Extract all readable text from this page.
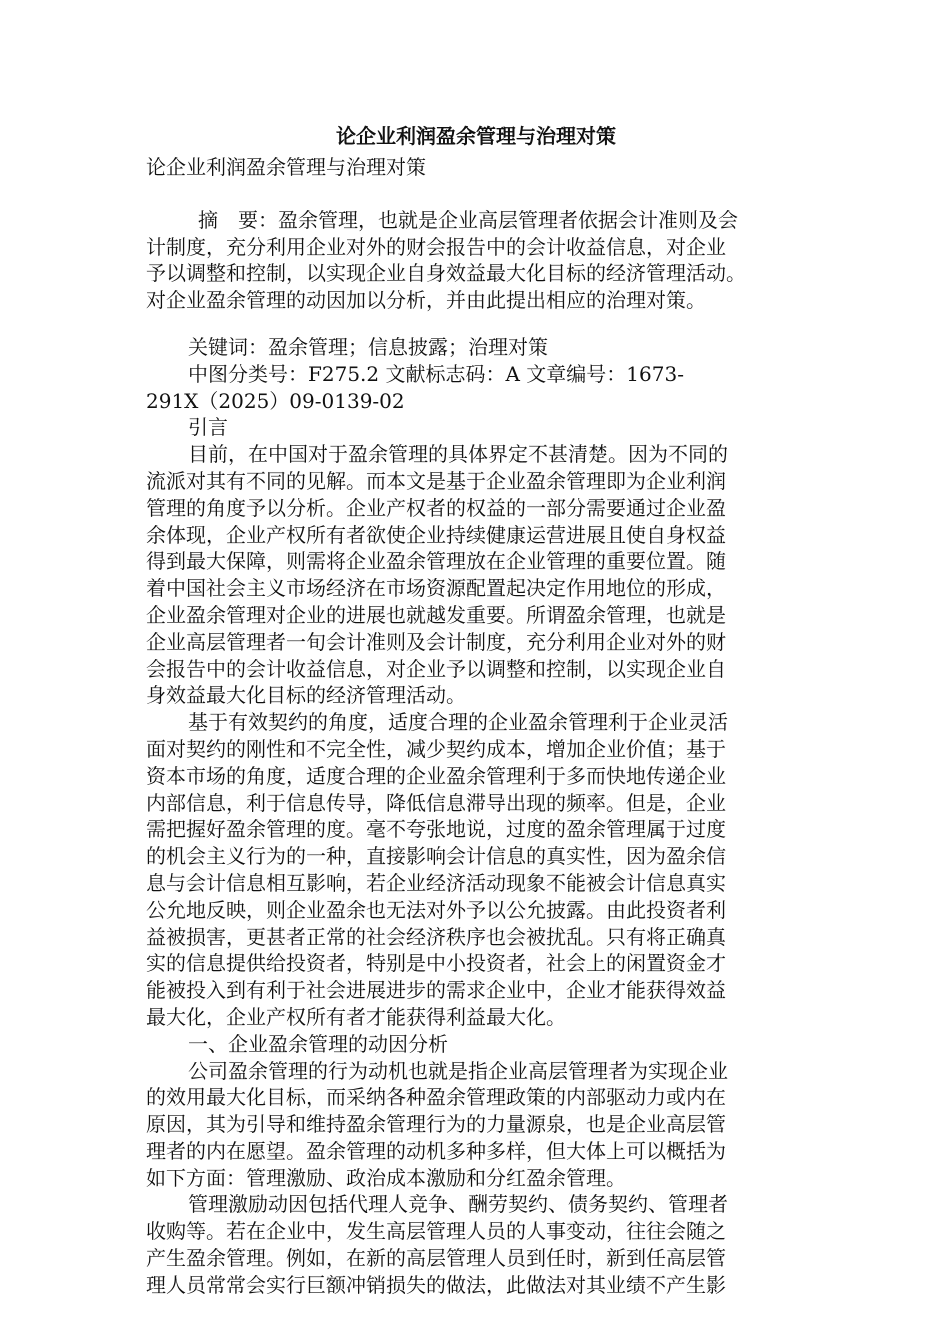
论企业利润盈余管理与治理对策

论企业利润盈余管理与治理对策

摘　要：盈余管理，也就是企业高层管理者依据会计准则及会

计制度，充分利用企业对外的财会报告中的会计收益信息，对企业

予以调整和控制，以实现企业自身效益最大化目标的经济管理活动。

对企业盈余管理的动因加以分析，并由此提出相应的治理对策。

关键词：盈余管理；信息披露；治理对策

中图分类号：F275.2 文献标志码：A 文章编号：1673-

291X（2025）09-0139-02

引言

目前，在中国对于盈余管理的具体界定不甚清楚。因为不同的

流派对其有不同的见解。而本文是基于企业盈余管理即为企业利润

管理的角度予以分析。企业产权者的权益的一部分需要通过企业盈

余体现，企业产权所有者欲使企业持续健康运营进展且使自身权益

得到最大保障，则需将企业盈余管理放在企业管理的重要位置。随

着中国社会主义市场经济在市场资源配置起决定作用地位的形成，

企业盈余管理对企业的进展也就越发重要。所谓盈余管理，也就是

企业高层管理者一旬会计准则及会计制度，充分利用企业对外的财

会报告中的会计收益信息，对企业予以调整和控制，以实现企业自

身效益最大化目标的经济管理活动。

基于有效契约的角度，适度合理的企业盈余管理利于企业灵活

面对契约的刚性和不完全性，减少契约成本，增加企业价值；基于

资本市场的角度，适度合理的企业盈余管理利于多而快地传递企业

内部信息，利于信息传导，降低信息滞导出现的频率。但是，企业

需把握好盈余管理的度。毫不夸张地说，过度的盈余管理属于过度

的机会主义行为的一种，直接影响会计信息的真实性，因为盈余信

息与会计信息相互影响，若企业经济活动现象不能被会计信息真实

公允地反映，则企业盈余也无法对外予以公允披露。由此投资者利

益被损害，更甚者正常的社会经济秩序也会被扰乱。只有将正确真

实的信息提供给投资者，特别是中小投资者，社会上的闲置资金才

能被投入到有利于社会进展进步的需求企业中，企业才能获得效益

最大化，企业产权所有者才能获得利益最大化。

一、企业盈余管理的动因分析

公司盈余管理的行为动机也就是指企业高层管理者为实现企业

的效用最大化目标，而采纳各种盈余管理政策的内部驱动力或内在

原因，其为引导和维持盈余管理行为的力量源泉，也是企业高层管

理者的内在愿望。盈余管理的动机多种多样，但大体上可以概括为

如下方面：管理激励、政治成本激励和分红盈余管理。

管理激励动因包括代理人竞争、酬劳契约、债务契约、管理者

收购等。若在企业中，发生高层管理人员的人事变动，往往会随之

产生盈余管理。例如，在新的高层管理人员到任时，新到任高层管

理人员常常会实行巨额冲销损失的做法，此做法对其业绩不产生影
